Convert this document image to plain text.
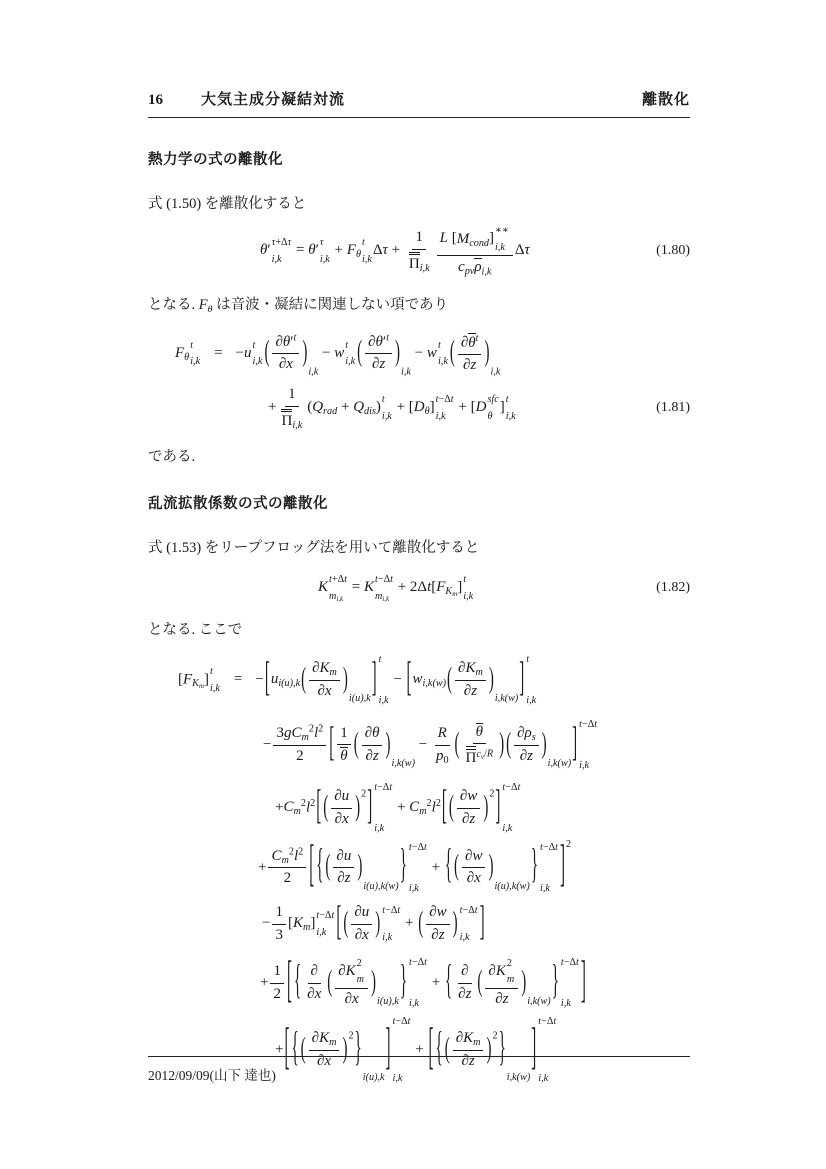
16	大気主成分凝結対流	離散化
熱力学の式の離散化

式 (1.50) を離散化すると

θ′ τ+Δτ
i,k
= θ′ τ
i,k
+ $F_\theta$
t
i,k
$\Delta\tau + \frac{1}{\Pi_{i,k}}$ L $[M_{cond}]$ ∗∗
i,k
$c_{pv}\rho_{i,k}$
Δτ	(1.80)

となる. $F_\theta$ は音波・凝結に関連しない項であり

$F_\theta$
t
i,k
= −u t
i,k ( $\frac{\partial\theta'^t}{\partial x} )_{i,k} - w$ t
i,k ( $\frac{\partial\theta'^t}{\partial z} )_{i,k} - w$ t
i,k ( $\frac{\partial\theta^t}{\partial z} )_{i,k}$
+ $\frac{1}{\Pi_{i,k}} (Q_{rad} + Q_{dis})$ t
i,k
+ $[D_\theta]$ t−Δt
i,k
+ [D sfc
θ
] t
i,k
(1.81)

である.

乱流拡散係数の式の離散化

式 (1.53) をリープフロッグ法を用いて離散化すると

K t+Δt
$m_{i,k}$
= K t−Δt
$m_{i,k}$
+ $2\Delta t[F_{K_m}]$ t
i,k
(1.82)

となる. ここで

$[F_{K_m}]$ t
i,k
= $-[u_{i(u),k}( \frac{\partial K_m}{\partial x} )_{i(u),k}]$ t
i,k
− $[w_{i,k(w)}( \frac{\partial K_m}{\partial z} )_{i,k(w)}]$ t
i,k
−
$3gC_m^2l^2$
2 [ $\frac{1}{\theta}$ ( $\frac{\partial\theta}{\partial z} )_{i,k(w)} - \frac{R}{p_0}$ ( θ
$\Pi^{c_v/R}$ ) ( $\frac{\partial\rho_s}{\partial z} )_{i,k(w)}$] t−Δt
i,k
$+C_m^2l^2$[ ( $\frac{\partial u}{\partial x} )^2$] t−Δt
i,k
+ $C_m^2l^2$[ ( $\frac{\partial w}{\partial z} )^2$] t−Δt
i,k
+ $\frac{C_m^2l^2}{2}$ [ { ( $\frac{\partial u}{\partial z} )_{i(u),k(w)}$} t−Δt
i,k
+ { ( $\frac{\partial w}{\partial x} )_{i(u),k(w)}$} t−Δt
i,k ]$^2$
− $\frac{1}{3} [K_m]$ t−Δt
i,k [ ( $\frac{\partial u}{\partial x}$ ) t−Δt
i,k
+ ( $\frac{\partial w}{\partial z}$ ) t−Δt
i,k ]
+ $\frac{1}{2}$ [ { ∂
∂x ( ∂K 2
m
∂x )$_{i(u),k}$} t−Δt
i,k
+ { ∂
∂z ( ∂K 2
m
∂z )$_{i,k(w)}$} t−Δt
i,k ]
+[ { ( $\frac{\partial K_m}{\partial x} )^2\}_{i(u),k}$] t−Δt
i,k
+ [ { ( $\frac{\partial K_m}{\partial z} )^2\}_{i,k(w)}$] t−Δt
i,k
2012/09/09(山下 達也)
